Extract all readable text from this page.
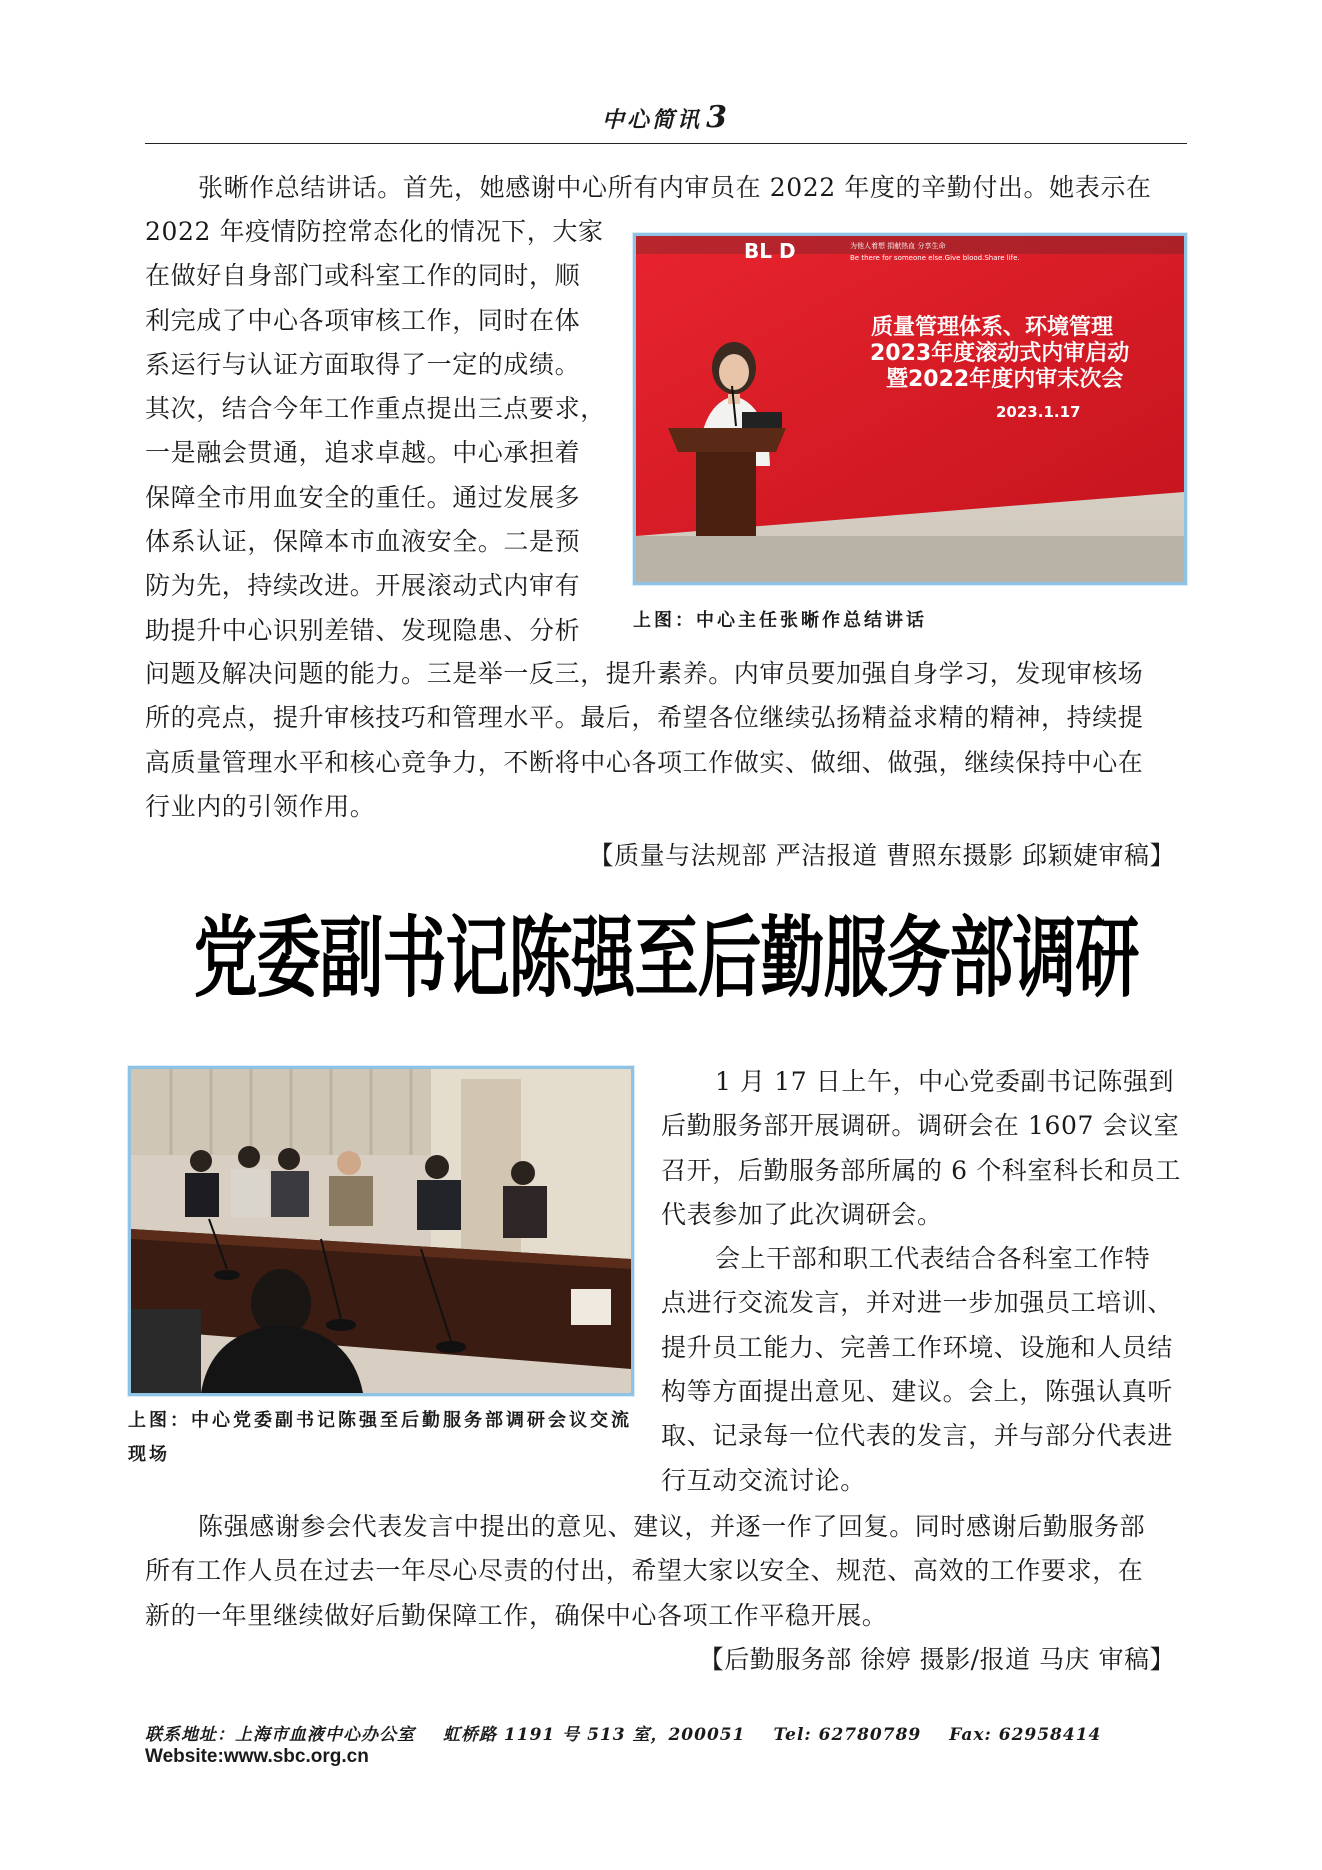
中心简讯 3
张晰作总结讲话。首先，她感谢中心所有内审员在 2022 年度的辛勤付出。她表示在

2022 年疫情防控常态化的情况下，大家

在做好自身部门或科室工作的同时，顺

利完成了中心各项审核工作，同时在体

系运行与认证方面取得了一定的成绩。

其次，结合今年工作重点提出三点要求，

一是融会贯通，追求卓越。中心承担着

保障全市用血安全的重任。通过发展多

体系认证，保障本市血液安全。二是预

防为先，持续改进。开展滚动式内审有

助提升中心识别差错、发现隐患、分析

BL D	为他人着想 捐献热血 分享生命
Be there for someone else.Give blood.Share life.
质量管理体系、环境管理
2023年度滚动式内审启动
暨2022年度内审末次会
2023.1.17
上图：中心主任张晰作总结讲话

问题及解决问题的能力。三是举一反三，提升素养。内审员要加强自身学习，发现审核场

所的亮点，提升审核技巧和管理水平。最后，希望各位继续弘扬精益求精的精神，持续提

高质量管理水平和核心竞争力，不断将中心各项工作做实、做细、做强，继续保持中心在

行业内的引领作用。

【质量与法规部 严洁报道 曹照东摄影 邱颖婕审稿】
党委副书记陈强至后勤服务部调研
上图：中心党委副书记陈强至后勤服务部调研会议交流
现场

1 月 17 日上午，中心党委副书记陈强到

后勤服务部开展调研。调研会在 1607 会议室

召开，后勤服务部所属的 6 个科室科长和员工

代表参加了此次调研会。

会上干部和职工代表结合各科室工作特

点进行交流发言，并对进一步加强员工培训、

提升员工能力、完善工作环境、设施和人员结

构等方面提出意见、建议。会上，陈强认真听

取、记录每一位代表的发言，并与部分代表进

行互动交流讨论。

陈强感谢参会代表发言中提出的意见、建议，并逐一作了回复。同时感谢后勤服务部

所有工作人员在过去一年尽心尽责的付出，希望大家以安全、规范、高效的工作要求，在

新的一年里继续做好后勤保障工作，确保中心各项工作平稳开展。

【后勤服务部 徐婷 摄影/报道 马庆 审稿】
联系地址：上海市血液中心办公室 虹桥路 1191 号 513 室，200051 Tel: 62780789 Fax: 62958414
Website:www.sbc.org.cn
